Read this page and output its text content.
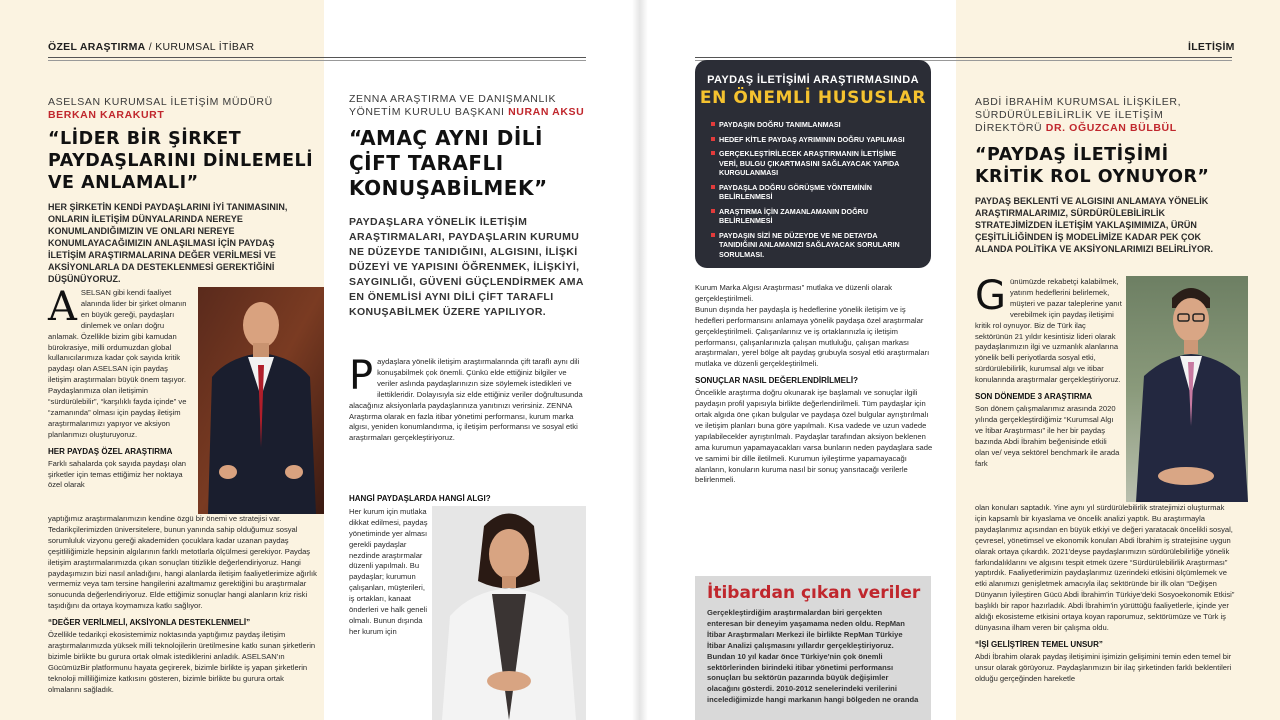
ÖZEL ARAŞTIRMA / KURUMSAL İTİBAR
ASELSAN KURUMSAL İLETİŞİM MÜDÜRÜ
BERKAN KARAKURT
“LİDER BİR ŞİRKET
PAYDAŞLARINI DİNLEMELİ
VE ANLAMALI”
HER ŞİRKETİN KENDİ PAYDAŞLARINI İYİ TANIMASININ, ONLARIN İLETİŞİM DÜNYALARINDA NEREYE KONUMLANDIĞIMIZIN VE ONLARI NEREYE KONUMLAYACAĞIMIZIN ANLAŞILMASI İÇİN PAYDAŞ İLETİŞİM ARAŞTIRMALARINA DEĞER VERİLMESİ VE AKSİYONLARLA DA DESTEKLENMESİ GEREKTİĞİNİ DÜŞÜNÜYORUZ.
ASELSAN gibi kendi faaliyet alanında lider bir şirket olmanın en büyük gereği, paydaşları dinlemek ve onları doğru anlamak. Özellikle bizim gibi kamudan bürokrasiye, milli ordumuzdan global kullanıcılarımıza kadar çok sayıda kritik paydaşı olan ASELSAN için paydaş iletişim araştırmaları büyük önem taşıyor. Paydaşlarımıza olan iletişimin “sürdürülebilir”, “karşılıklı fayda içinde” ve “zamanında” olması için paydaş iletişim araştırmalarımızı yapıyor ve aksiyon planlarımızı oluşturuyoruz.
HER PAYDAŞ ÖZEL ARAŞTIRMA

Farklı sahalarda çok sayıda paydaşı olan şirketler için temas ettiğimiz her noktaya özel olarak

yaptığımız araştırmalarımızın kendine özgü bir önemi ve stratejisi var. Tedarikçilerimizden üniversitelere, bunun yanında sahip olduğumuz sosyal sorumluluk vizyonu gereği akademiden çocuklara kadar uzanan paydaş çeşitliliğimizle hepsinin algılarının farklı metotlarla ölçülmesi gerekiyor. Paydaş iletişim araştırmalarımızda çıkan sonuçları titizlikle değerlendiriyoruz. Hangi paydaşımızın bizi nasıl anladığını, hangi alanlarda iletişim faaliyetlerimize ağırlık vermemiz veya tam tersine hangilerini azaltmamız gerektiğini bu araştırmalar sonucunda değerlendiriyoruz. Elde ettiğimiz sonuçlar hangi alanların kriz riski taşıdığını da ortaya koymamıza katkı sağlıyor.

“DEĞER VERİLMELİ, AKSİYONLA DESTEKLENMELİ”

Özellikle tedarikçi ekosistemimiz noktasında yaptığımız paydaş iletişim araştırmalarımızda yüksek milli teknolojilerin üretilmesine katkı sunan şirketlerin bizimle birlikte bu gurura ortak olmak istediklerini anladık. ASELSAN'ın GücümüzBir platformunu hayata geçirerek, bizimle birlikte iş yapan şirketlerin teknoloji milliliğimize katkısını gösteren, bizimle birlikte bu gurura ortak olmalarını sağladık.

ZENNA ARAŞTIRMA VE DANIŞMANLIK
YÖNETİM KURULU BAŞKANI NURAN AKSU
“AMAÇ AYNI DİLİ
ÇİFT TARAFLI
KONUŞABİLMEK”
PAYDAŞLARA YÖNELİK İLETİŞİM ARAŞTIRMALARI, PAYDAŞLARIN KURUMU NE DÜZEYDE TANIDIĞINI, ALGISINI, İLİŞKİ DÜZEYİ VE YAPISINI ÖĞRENMEK, İLİŞKİYİ, SAYGINLIĞI, GÜVENİ GÜÇLENDİRMEK AMA EN ÖNEMLİSİ AYNI DİLİ ÇİFT TARAFLI KONUŞABİLMEK ÜZERE YAPILIYOR.
Paydaşlara yönelik iletişim araştırmalarında çift taraflı aynı dili konuşabilmek çok önemli. Çünkü elde ettiğiniz bilgiler ve veriler aslında paydaşlarınızın size söylemek istedikleri ve ilettikleridir. Dolayısıyla siz elde ettiğiniz veriler doğrultusunda alacağınız aksiyonlarla paydaşlarınıza yanıtınızı verirsiniz. ZENNA Araştırma olarak en fazla itibar yönetimi performansı, kurum marka algısı, yeniden konumlandırma, iç iletişim performansı ve sosyal etki araştırmaları gerçekleştiriyoruz.
HANGİ PAYDAŞLARDA HANGİ ALGI?

Her kurum için mutlaka dikkat edilmesi, paydaş yönetiminde yer alması gerekli paydaşlar nezdinde araştırmalar düzenli yapılmalı. Bu paydaşlar; kurumun çalışanları, müşterileri, iş ortakları, kanaat önderleri ve halk geneli olmalı. Bunun dışında her kurum için

İLETİŞİM
PAYDAŞ İLETİŞİMİ ARAŞTIRMASINDA
EN ÖNEMLİ HUSUSLAR
PAYDAŞIN DOĞRU TANIMLANMASI
HEDEF KİTLE PAYDAŞ AYRIMININ DOĞRU YAPILMASI
GERÇEKLEŞTİRİLECEK ARAŞTIRMANIN İLETİŞİME VERİ, BULGU ÇIKARTMASINI SAĞLAYACAK YAPIDA KURGULANMASI
PAYDAŞLA DOĞRU GÖRÜŞME YÖNTEMİNİN BELİRLENMESİ
ARAŞTIRMA İÇİN ZAMANLAMANIN DOĞRU BELİRLENMESİ
PAYDAŞIN SİZİ NE DÜZEYDE VE NE DETAYDA TANIDIĞINI ANLAMANIZI SAĞLAYACAK SORULARIN SORULMASI.

Kurum Marka Algısı Araştırması” mutlaka ve düzenli olarak gerçekleştirilmeli.

Bunun dışında her paydaşla iş hedeflerine yönelik iletişim ve iş hedefleri performansını anlamaya yönelik paydaşa özel araştırmalar gerçekleştirilmeli. Çalışanlarınız ve iş ortaklarınızla iç iletişim performansı, çalışanlarınızla çalışan mutluluğu, çalışan markası araştırmaları, yerel bölge alt paydaş grubuyla sosyal etki araştırmaları mutlaka ve düzenli gerçekleştirilmeli.

SONUÇLAR NASIL DEĞERLENDİRİLMELİ?

Öncelikle araştırma doğru okunarak işe başlamalı ve sonuçlar ilgili paydaşın profil yapısıyla birlikte değerlendirilmeli. Tüm paydaşlar için ortak algıda öne çıkan bulgular ve paydaşa özel bulgular ayrıştırılmalı ve iletişim planları buna göre yapılmalı. Kısa vadede ve uzun vadede yapılabilecekler ayrıştırılmalı. Paydaşlar tarafından aksiyon beklenen ama kurumun yapamayacakları varsa bunların neden paydaşlara sade ve samimi bir dille iletilmeli. Kurumun iyileştirme yapamayacağı alanların, konuların kuruma nasıl bir sonuç yansıtacağı verilerle belirlenmeli.

İtibardan çıkan veriler
Gerçekleştirdiğim araştırmalardan biri gerçekten enteresan bir deneyim yaşamama neden oldu. RepMan İtibar Araştırmaları Merkezi ile birlikte RepMan Türkiye İtibar Analizi çalışmasını yıllardır gerçekleştiriyoruz. Bundan 10 yıl kadar önce Türkiye'nin çok önemli sektörlerinden birindeki itibar yönetimi performansı sonuçları bu sektörün pazarında büyük değişimler olacağını gösterdi. 2010-2012 senelerindeki verilerini incelediğimizde hangi markanın hangi bölgeden ne oranda
ABDİ İBRAHİM KURUMSAL İLİŞKİLER,
SÜRDÜRÜLEBİLİRLİK VE İLETİŞİM
DİREKTÖRÜ DR. OĞUZCAN BÜLBÜL
“PAYDAŞ İLETİŞİMİ
KRİTİK ROL OYNUYOR”
PAYDAŞ BEKLENTİ VE ALGISINI ANLAMAYA YÖNELİK ARAŞTIRMALARIMIZ, SÜRDÜRÜLEBİLİRLİK STRATEJİMİZDEN İLETİŞİM YAKLAŞIMIMIZA, ÜRÜN ÇEŞİTLİLİĞİNDEN İŞ MODELİMİZE KADAR PEK ÇOK ALANDA POLİTİKA VE AKSİYONLARIMIZI BELİRLİYOR.
Günümüzde rekabetçi kalabilmek, yatırım hedeflerini belirlemek, müşteri ve pazar taleplerine yanıt verebilmek için paydaş iletişimi kritik rol oynuyor. Biz de Türk ilaç sektörünün 21 yıldır kesintisiz lideri olarak paydaşlarımızın ilgi ve uzmanlık alanlarına yönelik belli periyotlarda sosyal etki, sürdürülebilirlik, kurumsal algı ve itibar konularında araştırmalar gerçekleştiriyoruz.
SON DÖNEMDE 3 ARAŞTIRMA

Son dönem çalışmalarımız arasında 2020 yılında gerçekleştirdiğimiz “Kurumsal Algı ve İtibar Araştırması” ile her bir paydaş bazında Abdi İbrahim beğenisinde etkili olan ve/ veya sektörel benchmark ile arada fark

olan konuları saptadık. Yine aynı yıl sürdürülebilirlik stratejimizi oluşturmak için kapsamlı bir kıyaslama ve öncelik analizi yaptık. Bu araştırmayla paydaşlarımız açısından en büyük etkiyi ve değeri yaratacak öncelikli sosyal, çevresel, yönetimsel ve ekonomik konuları Abdi İbrahim iş stratejisine uygun olarak ortaya çıkardık. 2021'deyse paydaşlarımızın sürdürülebilirliğe yönelik farkındalıklarını ve algısını tespit etmek üzere “Sürdürülebilirlik Araştırması” yaptırdık. Faaliyetlerimizin paydaşlarımız üzerindeki etkisini ölçümlemek ve etki alanımızı genişletmek amacıyla ilaç sektöründe bir ilk olan “Değişen Dünyanın İyileştiren Gücü Abdi İbrahim'in Türkiye'deki Sosyoekonomik Etkisi” başlıklı bir rapor hazırladık. Abdi İbrahim'in yürüttüğü faaliyetlerle, içinde yer aldığı ekosisteme etkisini ortaya koyan raporumuz, sektörümüze ve Türk iş dünyasına ilham veren bir çalışma oldu.

“İŞİ GELİŞTİREN TEMEL UNSUR”

Abdi İbrahim olarak paydaş iletişimini işimizin gelişimini temin eden temel bir unsur olarak görüyoruz. Paydaşlarımızın bir ilaç şirketinden farklı beklentileri olduğu gerçeğinden hareketle
